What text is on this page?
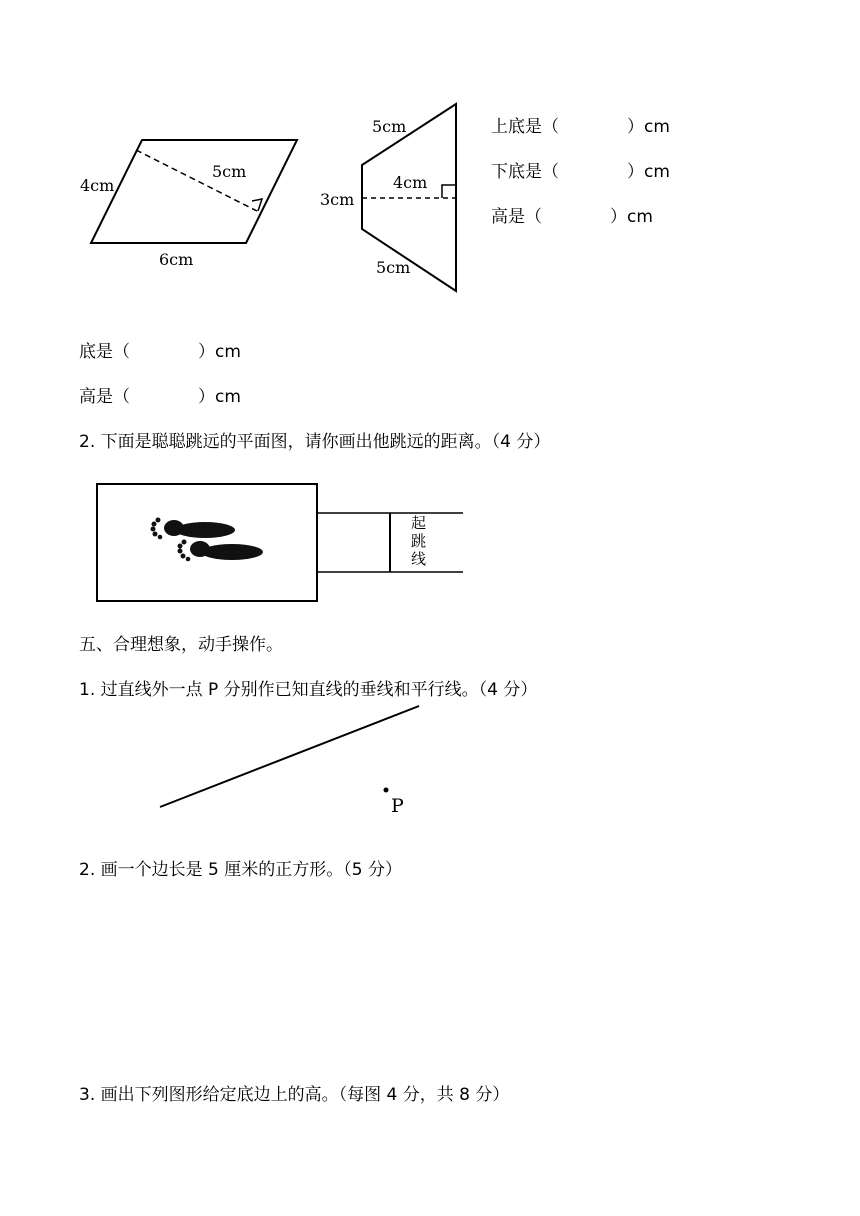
4cm
5cm
6cm
5cm
4cm
3cm
5cm
上底是（　　　　）cm
下底是（　　　　）cm
高是（　　　　）cm
底是（　　　　）cm
高是（　　　　）cm
2. 下面是聪聪跳远的平面图，请你画出他跳远的距离。（4 分）
起
跳
线
五、合理想象，动手操作。
1. 过直线外一点 P 分别作已知直线的垂线和平行线。（4 分）
P
2. 画一个边长是 5 厘米的正方形。（5 分）
3. 画出下列图形给定底边上的高。（每图 4 分，共 8 分）
